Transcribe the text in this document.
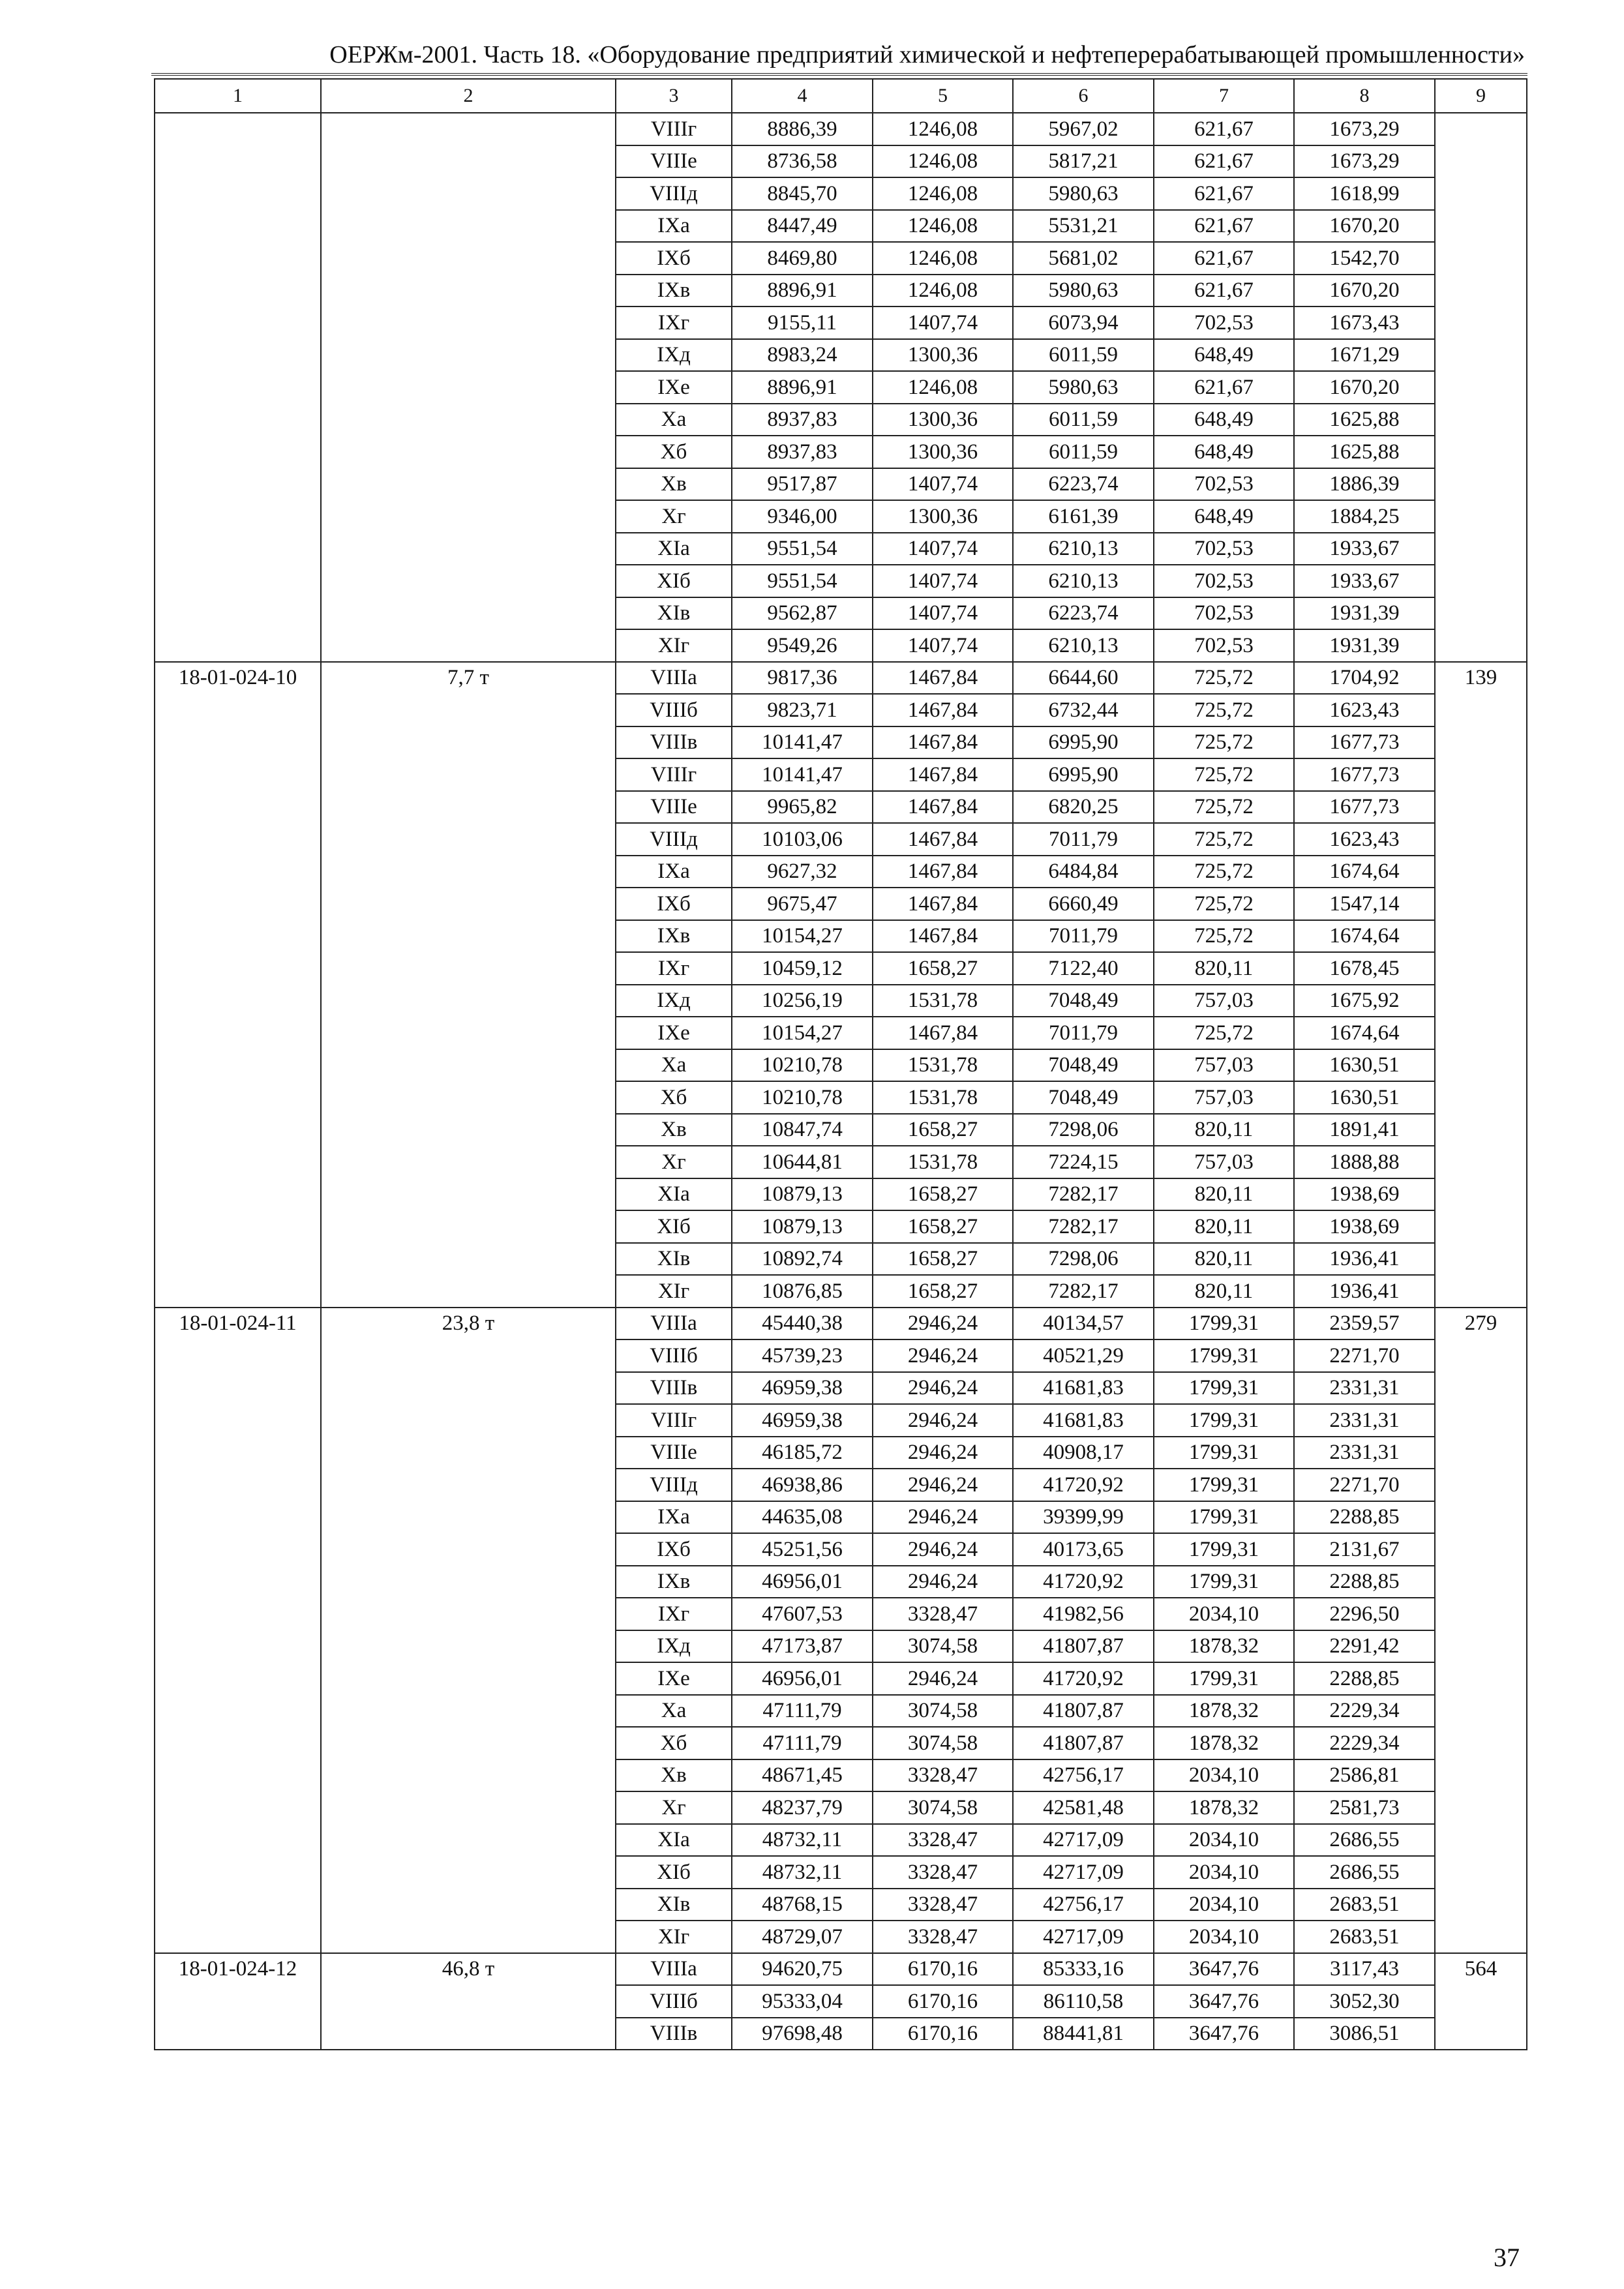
ОЕРЖм-2001. Часть 18. «Оборудование предприятий химической и нефтеперерабатывающей промышленности»
1	2	3	4	5	6	7	8	9
		VIIIг	8886,39	1246,08	5967,02	621,67	1673,29	
		VIIIе	8736,58	1246,08	5817,21	621,67	1673,29	
		VIIIд	8845,70	1246,08	5980,63	621,67	1618,99	
		IXа	8447,49	1246,08	5531,21	621,67	1670,20	
		IXб	8469,80	1246,08	5681,02	621,67	1542,70	
		IXв	8896,91	1246,08	5980,63	621,67	1670,20	
		IXг	9155,11	1407,74	6073,94	702,53	1673,43	
		IXд	8983,24	1300,36	6011,59	648,49	1671,29	
		IXе	8896,91	1246,08	5980,63	621,67	1670,20	
		Xа	8937,83	1300,36	6011,59	648,49	1625,88	
		Xб	8937,83	1300,36	6011,59	648,49	1625,88	
		Xв	9517,87	1407,74	6223,74	702,53	1886,39	
		Xг	9346,00	1300,36	6161,39	648,49	1884,25	
		XIа	9551,54	1407,74	6210,13	702,53	1933,67	
		XIб	9551,54	1407,74	6210,13	702,53	1933,67	
		XIв	9562,87	1407,74	6223,74	702,53	1931,39	
		XIг	9549,26	1407,74	6210,13	702,53	1931,39	
18-01-024-10	7,7 т	VIIIа	9817,36	1467,84	6644,60	725,72	1704,92	139
		VIIIб	9823,71	1467,84	6732,44	725,72	1623,43	
		VIIIв	10141,47	1467,84	6995,90	725,72	1677,73	
		VIIIг	10141,47	1467,84	6995,90	725,72	1677,73	
		VIIIе	9965,82	1467,84	6820,25	725,72	1677,73	
		VIIIд	10103,06	1467,84	7011,79	725,72	1623,43	
		IXа	9627,32	1467,84	6484,84	725,72	1674,64	
		IXб	9675,47	1467,84	6660,49	725,72	1547,14	
		IXв	10154,27	1467,84	7011,79	725,72	1674,64	
		IXг	10459,12	1658,27	7122,40	820,11	1678,45	
		IXд	10256,19	1531,78	7048,49	757,03	1675,92	
		IXе	10154,27	1467,84	7011,79	725,72	1674,64	
		Xа	10210,78	1531,78	7048,49	757,03	1630,51	
		Xб	10210,78	1531,78	7048,49	757,03	1630,51	
		Xв	10847,74	1658,27	7298,06	820,11	1891,41	
		Xг	10644,81	1531,78	7224,15	757,03	1888,88	
		XIа	10879,13	1658,27	7282,17	820,11	1938,69	
		XIб	10879,13	1658,27	7282,17	820,11	1938,69	
		XIв	10892,74	1658,27	7298,06	820,11	1936,41	
		XIг	10876,85	1658,27	7282,17	820,11	1936,41	
18-01-024-11	23,8 т	VIIIа	45440,38	2946,24	40134,57	1799,31	2359,57	279
		VIIIб	45739,23	2946,24	40521,29	1799,31	2271,70	
		VIIIв	46959,38	2946,24	41681,83	1799,31	2331,31	
		VIIIг	46959,38	2946,24	41681,83	1799,31	2331,31	
		VIIIе	46185,72	2946,24	40908,17	1799,31	2331,31	
		VIIIд	46938,86	2946,24	41720,92	1799,31	2271,70	
		IXа	44635,08	2946,24	39399,99	1799,31	2288,85	
		IXб	45251,56	2946,24	40173,65	1799,31	2131,67	
		IXв	46956,01	2946,24	41720,92	1799,31	2288,85	
		IXг	47607,53	3328,47	41982,56	2034,10	2296,50	
		IXд	47173,87	3074,58	41807,87	1878,32	2291,42	
		IXе	46956,01	2946,24	41720,92	1799,31	2288,85	
		Xа	47111,79	3074,58	41807,87	1878,32	2229,34	
		Xб	47111,79	3074,58	41807,87	1878,32	2229,34	
		Xв	48671,45	3328,47	42756,17	2034,10	2586,81	
		Xг	48237,79	3074,58	42581,48	1878,32	2581,73	
		XIа	48732,11	3328,47	42717,09	2034,10	2686,55	
		XIб	48732,11	3328,47	42717,09	2034,10	2686,55	
		XIв	48768,15	3328,47	42756,17	2034,10	2683,51	
		XIг	48729,07	3328,47	42717,09	2034,10	2683,51	
18-01-024-12	46,8 т	VIIIа	94620,75	6170,16	85333,16	3647,76	3117,43	564
		VIIIб	95333,04	6170,16	86110,58	3647,76	3052,30	
		VIIIв	97698,48	6170,16	88441,81	3647,76	3086,51	
37
